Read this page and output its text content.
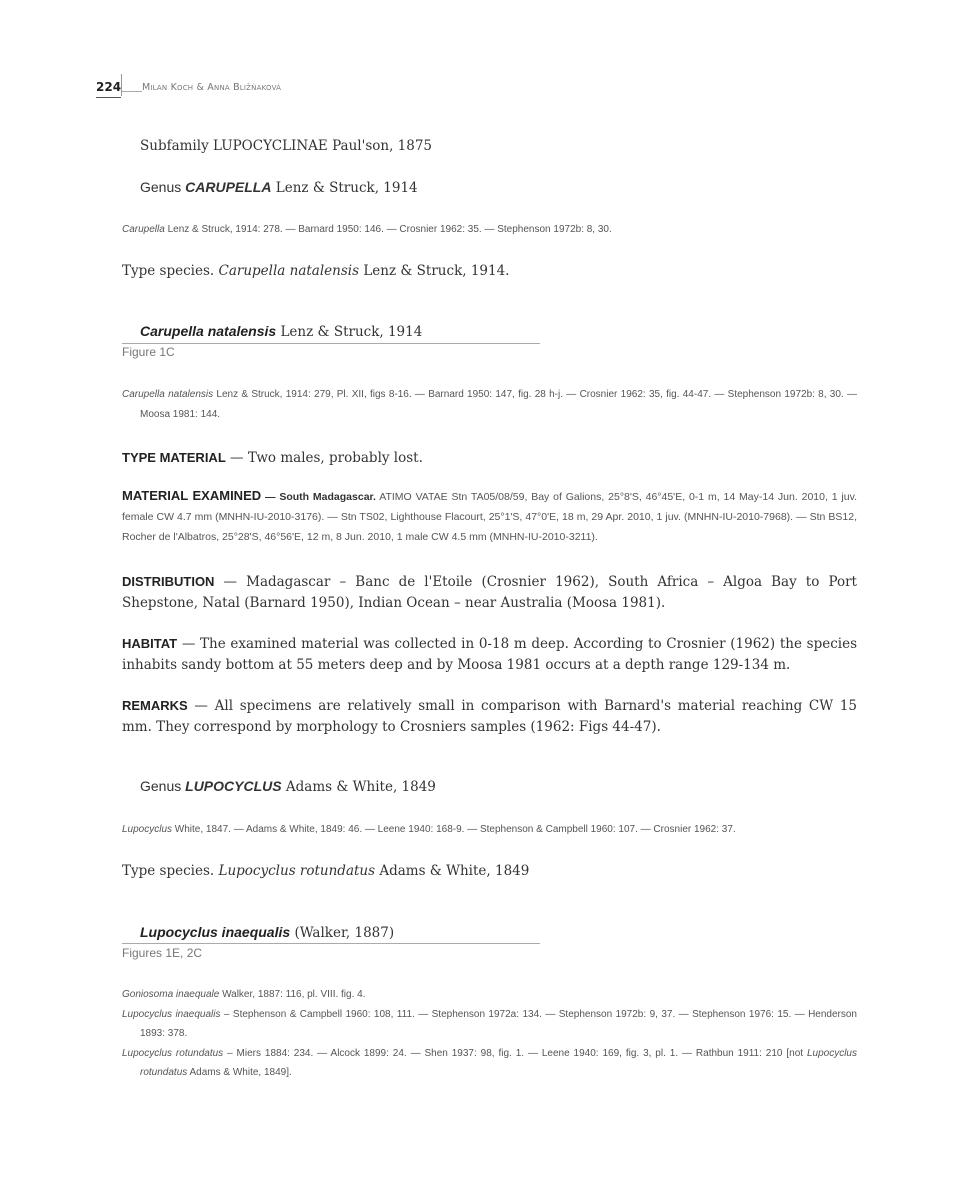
224 Milan Koch & Anna Bližňaková
Subfamily LUPOCYCLINAE Paul'son, 1875
Genus CARUPELLA Lenz & Struck, 1914

Carupella Lenz & Struck, 1914: 278. — Barnard 1950: 146. — Crosnier 1962: 35. — Stephenson 1972b: 8, 30.

Type species. Carupella natalensis Lenz & Struck, 1914.
Carupella natalensis Lenz & Struck, 1914
Figure 1C

Carupella natalensis Lenz & Struck, 1914: 279, Pl. XII, figs 8-16. — Barnard 1950: 147, fig. 28 h-j. — Crosnier 1962: 35, fig. 44-47. — Stephenson 1972b: 8, 30. — Moosa 1981: 144.

TYPE MATERIAL — Two males, probably lost.
MATERIAL EXAMINED — South Madagascar. ATIMO VATAE Stn TA05/08/59, Bay of Galions, 25°8'S, 46°45'E, 0-1 m, 14 May-14 Jun. 2010, 1 juv. female CW 4.7 mm (MNHN-IU-2010-3176). — Stn TS02, Lighthouse Flacourt, 25°1'S, 47°0'E, 18 m, 29 Apr. 2010, 1 juv. (MNHN-IU-2010-7968). — Stn BS12, Rocher de l'Albatros, 25°28'S, 46°56'E, 12 m, 8 Jun. 2010, 1 male CW 4.5 mm (MNHN-IU-2010-3211).
DISTRIBUTION — Madagascar – Banc de l'Etoile (Crosnier 1962), South Africa – Algoa Bay to Port Shepstone, Natal (Barnard 1950), Indian Ocean – near Australia (Moosa 1981).
HABITAT — The examined material was collected in 0-18 m deep. According to Crosnier (1962) the species inhabits sandy bottom at 55 meters deep and by Moosa 1981 occurs at a depth range 129-134 m.
REMARKS — All specimens are relatively small in comparison with Barnard's material reaching CW 15 mm. They correspond by morphology to Crosniers samples (1962: Figs 44-47).
Genus LUPOCYCLUS Adams & White, 1849

Lupocyclus White, 1847. — Adams & White, 1849: 46. — Leene 1940: 168-9. — Stephenson & Campbell 1960: 107. — Crosnier 1962: 37.

Type species. Lupocyclus rotundatus Adams & White, 1849
Lupocyclus inaequalis (Walker, 1887)
Figures 1E, 2C

Goniosoma inaequale Walker, 1887: 116, pl. VIII. fig. 4.

Lupocyclus inaequalis – Stephenson & Campbell 1960: 108, 111. — Stephenson 1972a: 134. — Stephenson 1972b: 9, 37. — Stephenson 1976: 15. — Henderson 1893: 378.

Lupocyclus rotundatus – Miers 1884: 234. — Alcock 1899: 24. — Shen 1937: 98, fig. 1. — Leene 1940: 169, fig. 3, pl. 1. — Rathbun 1911: 210 [not Lupocyclus rotundatus Adams & White, 1849].
